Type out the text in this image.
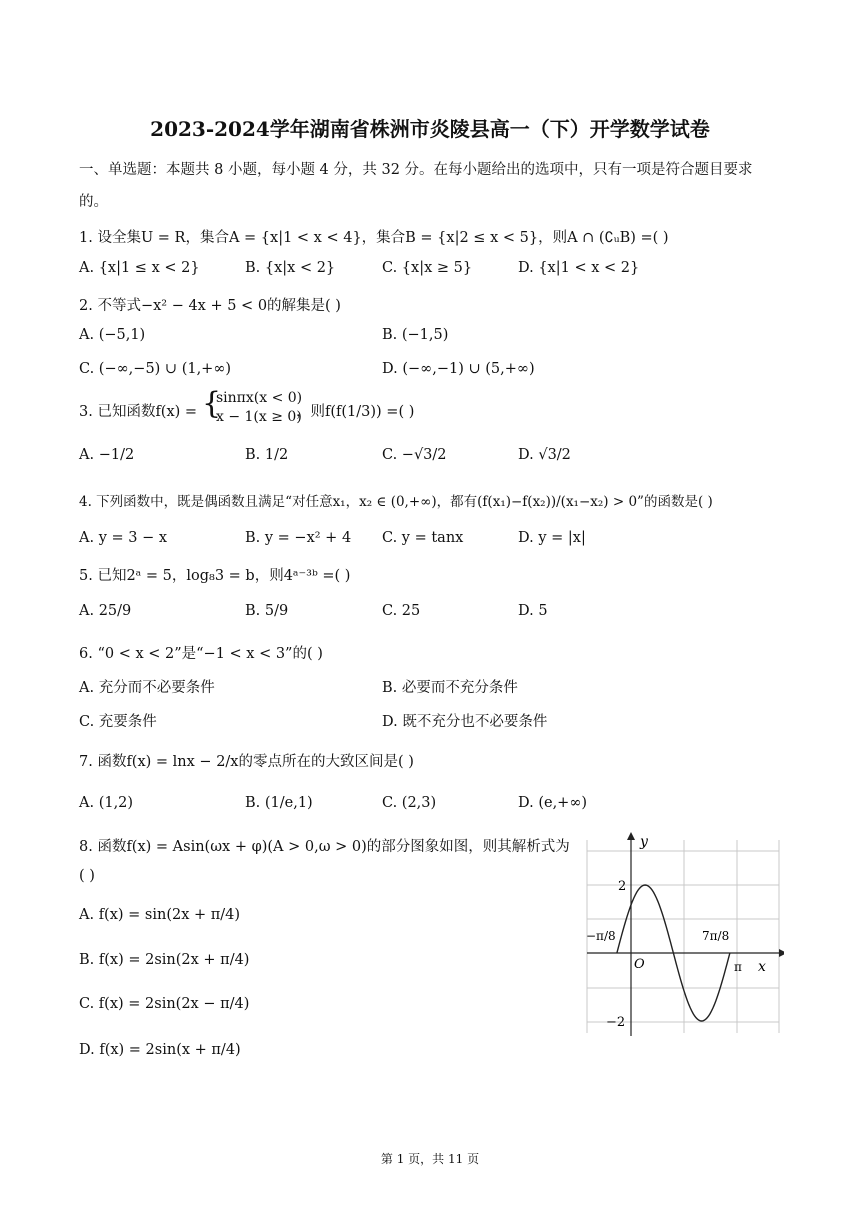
2023-2024学年湖南省株洲市炎陵县高一（下）开学数学试卷
一、单选题：本题共 8 小题，每小题 4 分，共 32 分。在每小题给出的选项中，只有一项是符合题目要求
的。
1. 设全集U = R，集合A = {x|1 < x < 4}，集合B = {x|2 ≤ x < 5}，则A ∩ (∁ᵤB) =( )
A. {x|1 ≤ x < 2}	B. {x|x < 2}	C. {x|x ≥ 5}	D. {x|1 < x < 2}
2. 不等式−x² − 4x + 5 < 0的解集是( )
A. (−5,1)	B. (−1,5)
C. (−∞,−5) ∪ (1,+∞)	D. (−∞,−1) ∪ (5,+∞)
3. 已知函数f(x) = {
sinπx(x < 0)
x − 1(x ≥ 0)
，则f(f(1/3)) =( )
A. −1/2	B. 1/2	C. −√3/2	D. √3/2
4. 下列函数中，既是偶函数且满足“对任意x₁，x₂ ∈ (0,+∞)，都有(f(x₁)−f(x₂))/(x₁−x₂) > 0”的函数是( )
A. y = 3 − x	B. y = −x² + 4 C. y = tanx	D. y = |x|
5. 已知2ᵃ = 5，log₈3 = b，则4ᵃ⁻³ᵇ =( )
A. 25/9	B. 5/9	C. 25	D. 5
6. “0 < x < 2”是“−1 < x < 3”的( )
A. 充分而不必要条件	B. 必要而不充分条件
C. 充要条件	D. 既不充分也不必要条件
7. 函数f(x) = lnx − 2/x的零点所在的大致区间是( )
A. (1,2)	B. (1/e,1)	C. (2,3)	D. (e,+∞)
8. 函数f(x) = Asin(ωx + φ)(A > 0,ω > 0)的部分图象如图，则其解析式为
( )
A. f(x) = sin(2x + π/4)
B. f(x) = 2sin(2x + π/4)
C. f(x) = 2sin(2x − π/4)
D. f(x) = 2sin(x + π/4)
y
x
O
2
−2
−π/8	7π/8
π
第 1 页，共 11 页
